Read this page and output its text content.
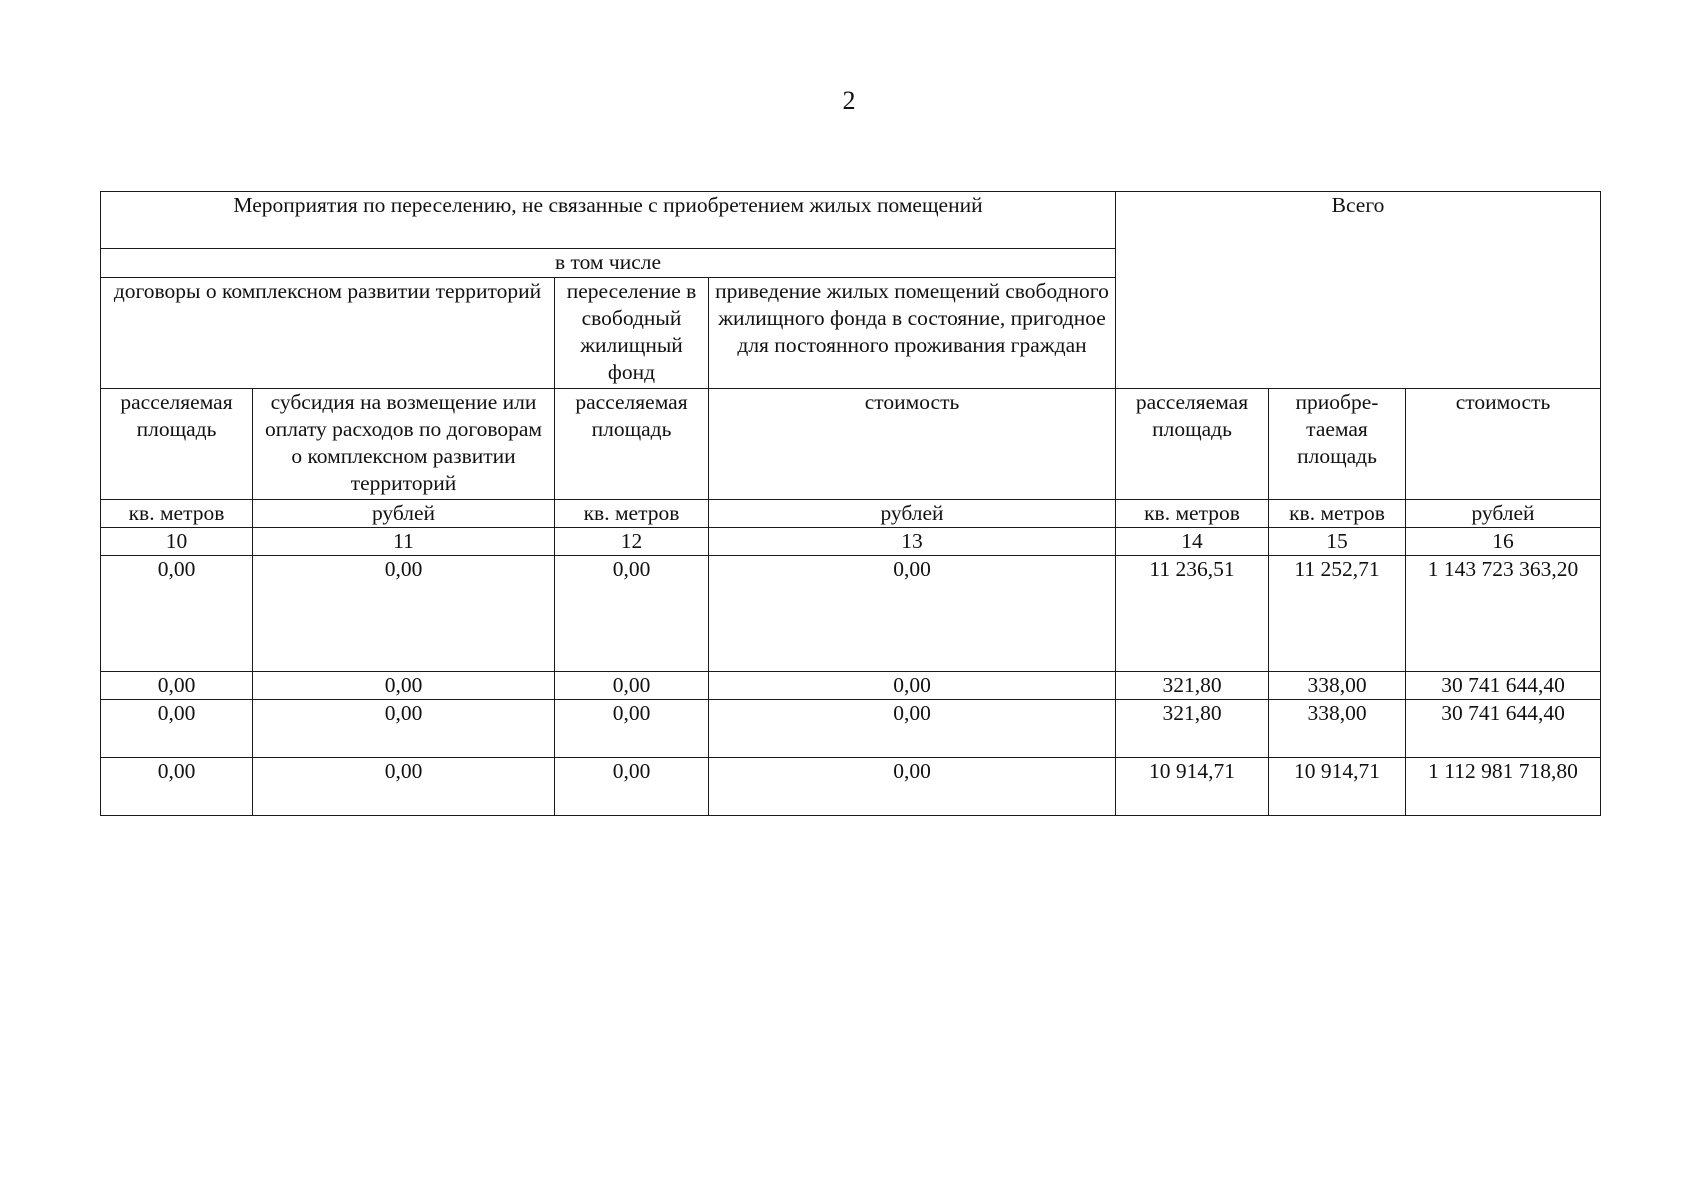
2
Мероприятия по переселению, не связанные с приобретением жилых помещений				Всего		
в том числе						
договоры о комплексном развитии территорий		переселение в свободный жилищный фонд	приведение жилых помещений свободного жилищного фонда в состояние, пригодное для постоянного проживания граждан			
расселяемая площадь	субсидия на возмещение или оплату расходов по договорам о комплексном развитии территорий	расселяемая площадь	стоимость	расселяемая площадь	приобре-таемая площадь	стоимость
кв. метров	рублей	кв. метров	рублей	кв. метров	кв. метров	рублей
10	11	12	13	14	15	16
0,00	0,00	0,00	0,00	11 236,51	11 252,71	1 143 723 363,20
0,00	0,00	0,00	0,00	321,80	338,00	30 741 644,40
0,00	0,00	0,00	0,00	321,80	338,00	30 741 644,40
0,00	0,00	0,00	0,00	10 914,71	10 914,71	1 112 981 718,80
